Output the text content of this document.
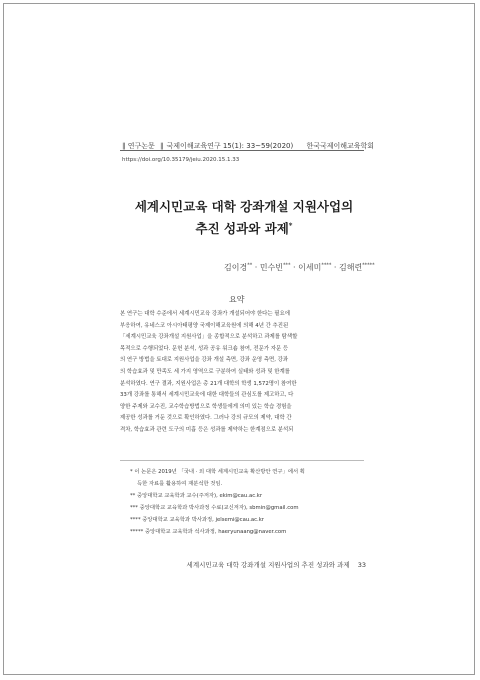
∥ 연구논문 ∥ 국제이해교육연구 15(1): 33~59(2020) 한국국제이해교육학회
https://doi.org/10.35179/jeiu.2020.15.1.33
세계시민교육 대학 강좌개설 지원사업의
추진 성과와 과제*
김이경** · 민수빈*** · 이세미**** · 김해련*****
요약
본 연구는 대학 수준에서 세계시민교육 강좌가 개설되어야 한다는 필요에
부응하여, 유네스코 아시아태평양 국제이해교육원에 의해 4년 간 추진된
「세계시민교육 강좌개설 지원사업」을 종합적으로 분석하고 과제를 탐색할
목적으로 수행되었다. 문헌 분석, 성과 공유 워크숍 참여, 전문가 자문 등
의 연구 방법을 토대로 지원사업을 강좌 개설 측면, 강좌 운영 측면, 강좌
의 학습효과 및 만족도 세 가지 영역으로 구분하여 실태와 성과 및 한계를
분석하였다. 연구 결과, 지원사업은 총 21개 대학의 학생 1,572명이 참여한
33개 강좌를 통해서 세계시민교육에 대한 대학들의 관심도를 제고하고, 다
양한 주제와 교수진, 교수학습방법으로 학생들에게 의미 있는 학습 경험을
제공한 성과를 거둔 것으로 확인하였다. 그러나 강의 규모의 제약, 대학 간
격차, 학습효과 관련 도구의 미흡 등은 성과를 제약하는 한계점으로 분석되
* 이 논문은 2019년 「국내 · 외 대학 세계시민교육 확산방안 연구」에서 획
득한 자료를 활용하여 재분석한 것임.
** 중앙대학교 교육학과 교수(주저자), ekim@cau.ac.kr
*** 중앙대학교 교육학과 박사과정 수료(교신저자), sbmin@gmail.com
**** 중앙대학교 교육학과 박사과정, jelsemi@cau.ac.kr
***** 중앙대학교 교육학과 석사과정, haeryunaang@naver.com
세계시민교육 대학 강좌개설 지원사업의 추진 성과와 과제 33
